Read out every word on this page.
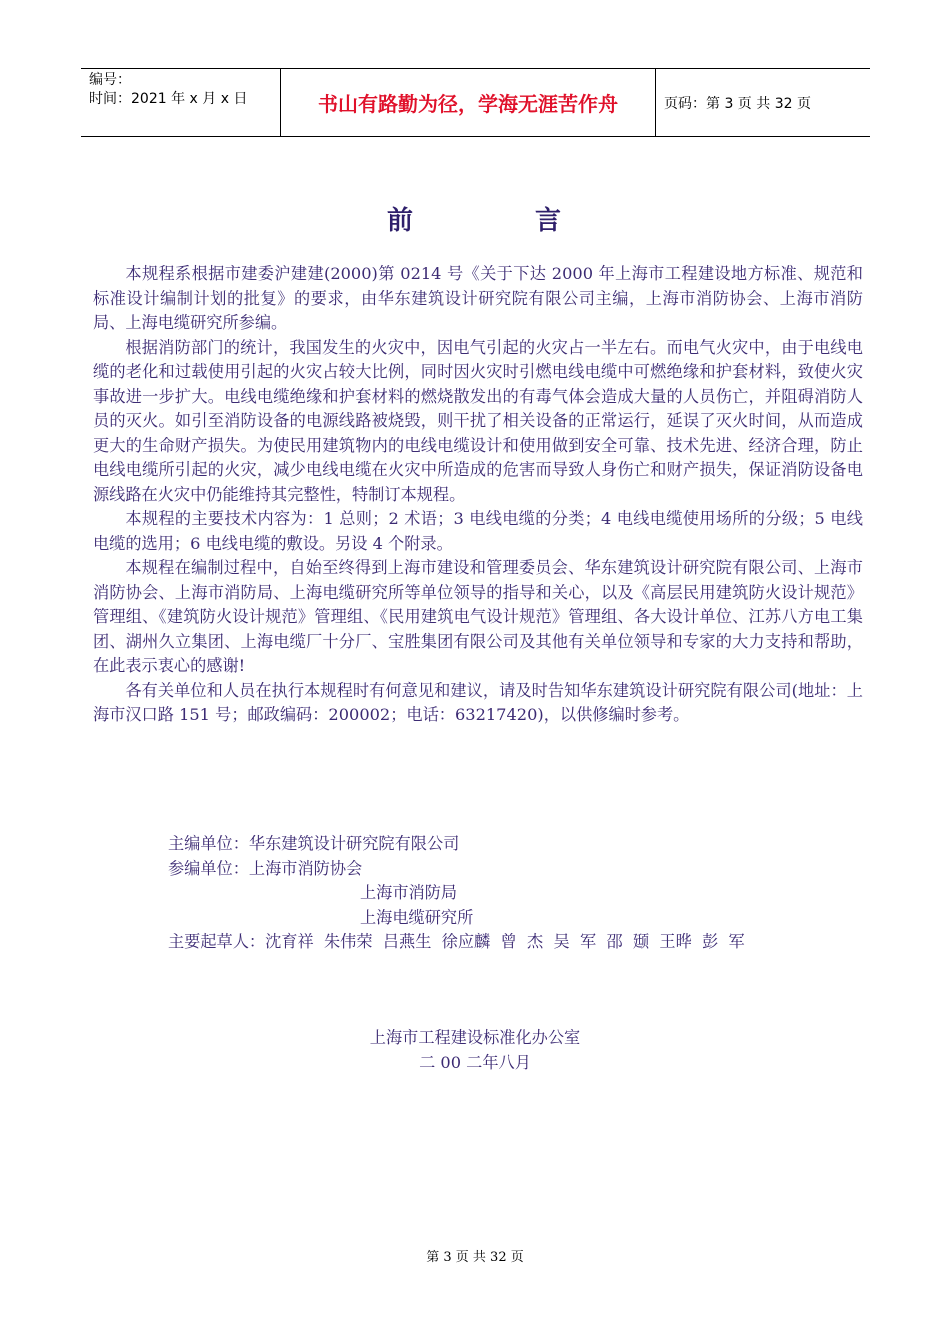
编号：
时间：2021 年 x 月 x 日	书山有路勤为径，学海无涯苦作舟	页码：第 3 页 共 32 页
前	言

本规程系根据市建委沪建建(2000)第 0214 号《关于下达 2000 年上海市工程建设地方标准、规范和标准设计编制计划的批复》的要求，由华东建筑设计研究院有限公司主编，上海市消防协会、上海市消防局、上海电缆研究所参编。

根据消防部门的统计，我国发生的火灾中，因电气引起的火灾占一半左右。而电气火灾中，由于电线电缆的老化和过载使用引起的火灾占较大比例，同时因火灾时引燃电线电缆中可燃绝缘和护套材料，致使火灾事故进一步扩大。电线电缆绝缘和护套材料的燃烧散发出的有毒气体会造成大量的人员伤亡，并阻碍消防人员的灭火。如引至消防设备的电源线路被烧毁，则干扰了相关设备的正常运行，延误了灭火时间，从而造成更大的生命财产损失。为使民用建筑物内的电线电缆设计和使用做到安全可靠、技术先进、经济合理，防止电线电缆所引起的火灾，减少电线电缆在火灾中所造成的危害而导致人身伤亡和财产损失，保证消防设备电源线路在火灾中仍能维持其完整性，特制订本规程。

本规程的主要技术内容为：1 总则；2 术语；3 电线电缆的分类；4 电线电缆使用场所的分级；5 电线电缆的选用；6 电线电缆的敷设。另设 4 个附录。

本规程在编制过程中，自始至终得到上海市建设和管理委员会、华东建筑设计研究院有限公司、上海市消防协会、上海市消防局、上海电缆研究所等单位领导的指导和关心，以及《高层民用建筑防火设计规范》管理组、《建筑防火设计规范》管理组、《民用建筑电气设计规范》管理组、各大设计单位、江苏八方电工集团、湖州久立集团、上海电缆厂十分厂、宝胜集团有限公司及其他有关单位领导和专家的大力支持和帮助，在此表示衷心的感谢!

各有关单位和人员在执行本规程时有何意见和建议，请及时告知华东建筑设计研究院有限公司(地址：上海市汉口路 151 号；邮政编码：200002；电话：63217420)，以供修编时参考。

主编单位：华东建筑设计研究院有限公司
参编单位：上海市消防协会
上海市消防局
上海电缆研究所
主要起草人：沈育祥  朱伟荣  吕燕生  徐应麟  曾  杰  吴  军  邵  颋  王晔  彭  军
上海市工程建设标准化办公室
二 00 二年八月
第 3 页 共 32 页
